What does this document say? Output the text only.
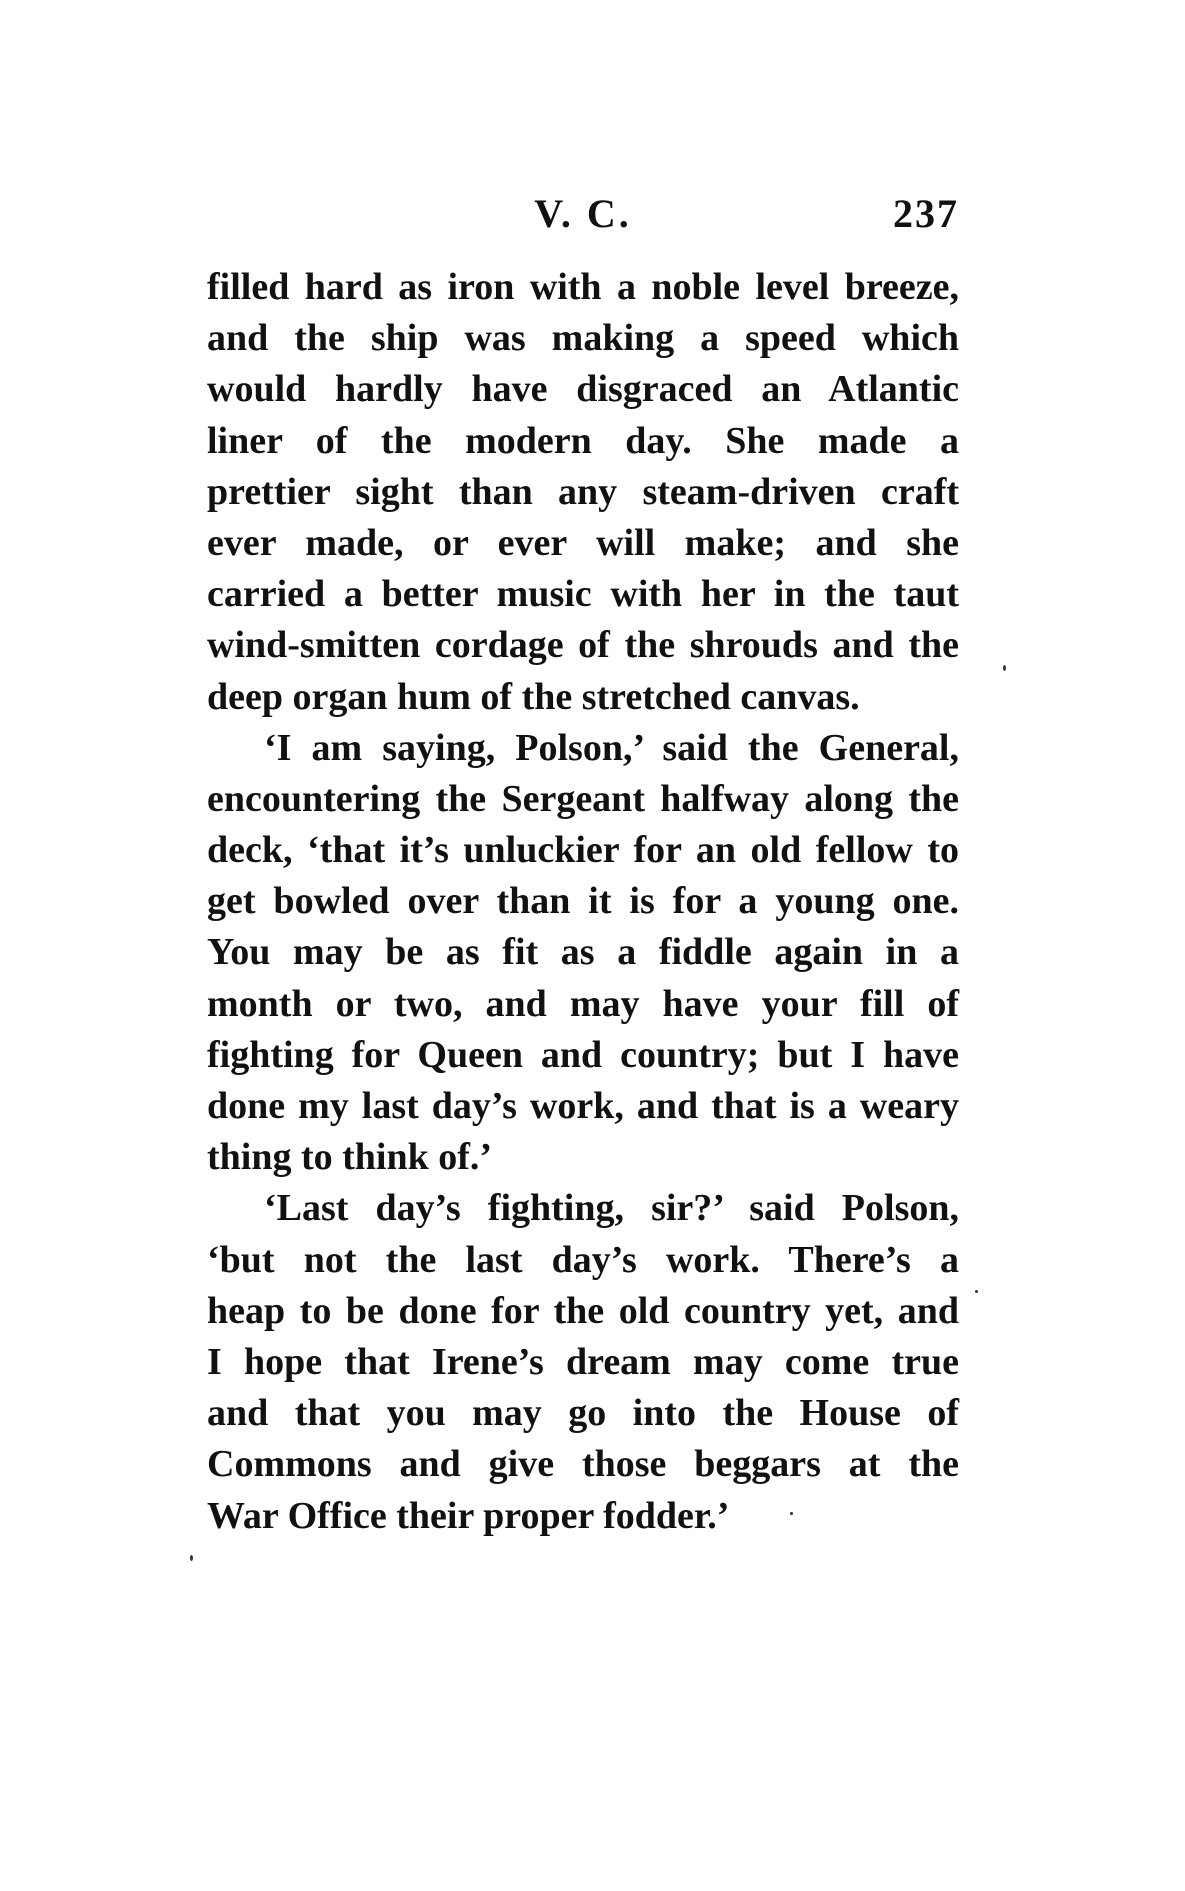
V. C.	237
filled hard as iron with a noble level breeze,
and the ship was making a speed which
would hardly have disgraced an Atlantic
liner of the modern day. She made a
prettier sight than any steam-driven craft
ever made, or ever will make; and she
carried a better music with her in the taut
wind-smitten cordage of the shrouds and the
deep organ hum of the stretched canvas.
‘I am saying, Polson,’ said the General,
encountering the Sergeant halfway along the
deck, ‘that it’s unluckier for an old fellow to
get bowled over than it is for a young one.
You may be as fit as a fiddle again in a
month or two, and may have your fill of
fighting for Queen and country; but I have
done my last day’s work, and that is a weary
thing to think of.’
‘Last day’s fighting, sir?’ said Polson,
‘but not the last day’s work. There’s a
heap to be done for the old country yet, and
I hope that Irene’s dream may come true
and that you may go into the House of
Commons and give those beggars at the
War Office their proper fodder.’
